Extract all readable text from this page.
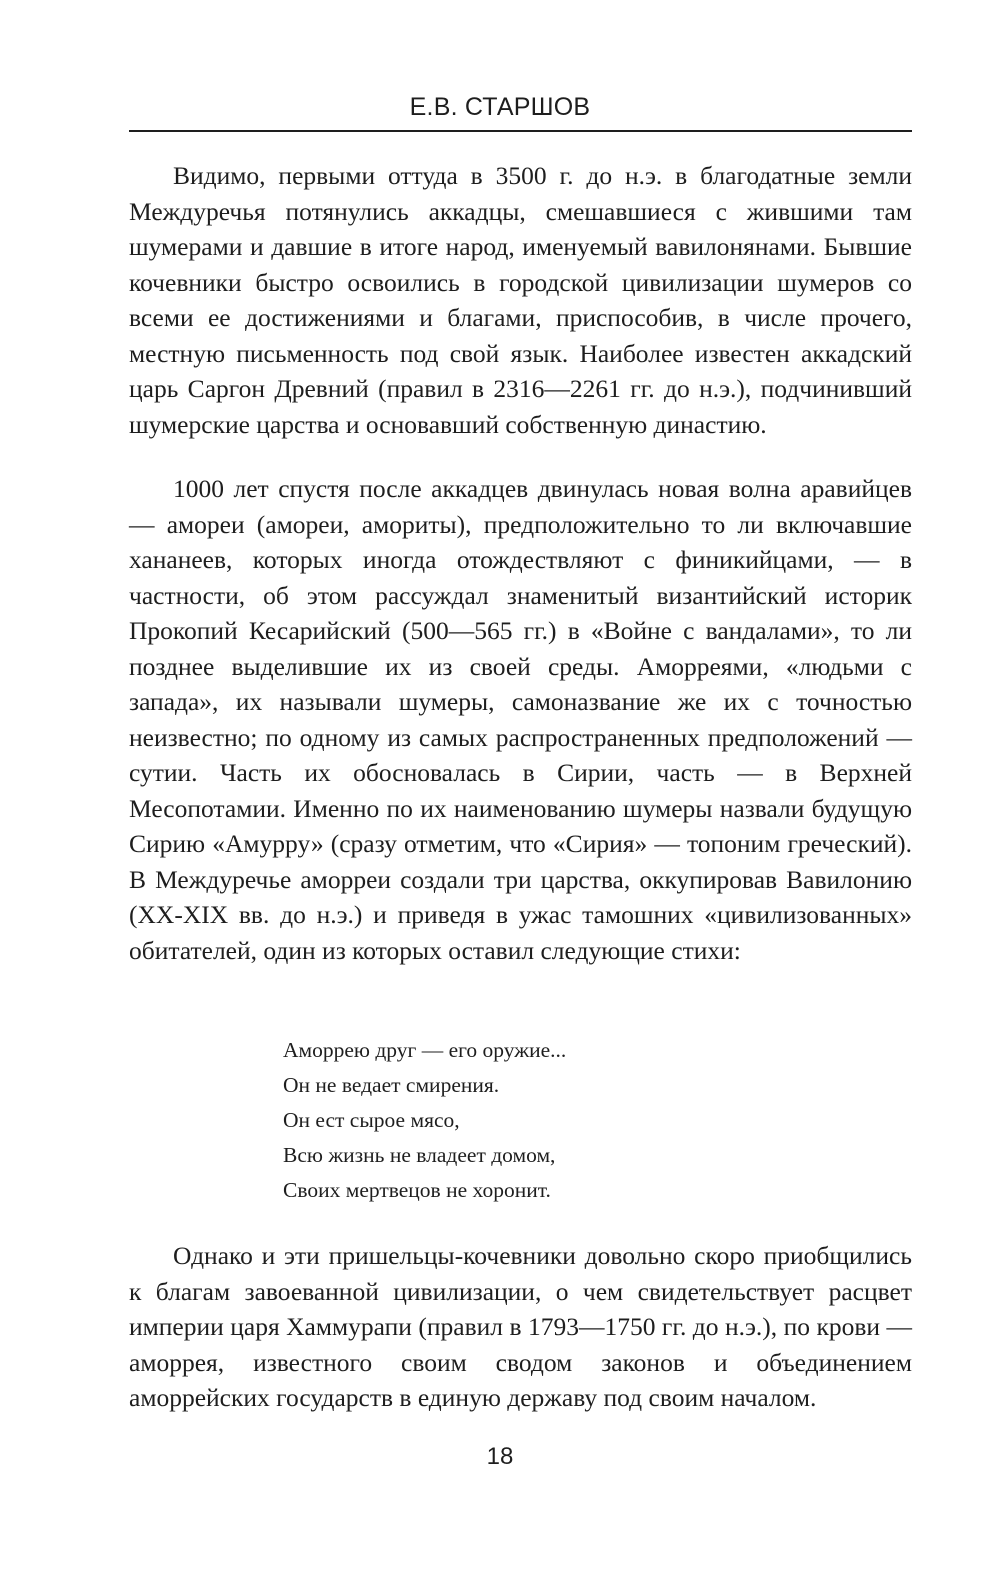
Е.В. СТАРШОВ

Видимо, первыми оттуда в 3500 г. до н.э. в благодатные земли Междуречья потянулись аккадцы, смешавшиеся с жившими там шумерами и давшие в итоге народ, именуемый вавилонянами. Бывшие кочевники быстро освоились в городской цивилизации шумеров со всеми ее достижениями и благами, приспособив, в числе прочего, местную письменность под свой язык. Наиболее известен аккадский царь Саргон Древний (правил в 2316—2261 гг. до н.э.), подчинивший шумерские царства и основавший собственную династию.

1000 лет спустя после аккадцев двинулась новая волна аравийцев — амореи (амореи, амориты), предположительно то ли включавшие хананеев, которых иногда отождествляют с финикийцами, — в частности, об этом рассуждал знаменитый византийский историк Прокопий Кесарийский (500—565 гг.) в «Войне с вандалами», то ли позднее выделившие их из своей среды. Аморреями, «людьми с запада», их называли шумеры, самоназвание же их с точностью неизвестно; по одному из самых распространенных предположений — сутии. Часть их обосновалась в Сирии, часть — в Верхней Месопотамии. Именно по их наименованию шумеры назвали будущую Сирию «Амурру» (сразу отметим, что «Сирия» — топоним греческий). В Междуречье аморреи создали три царства, оккупировав Вавилонию (XX-XIX вв. до н.э.) и приведя в ужас тамошних «цивилизованных» обитателей, один из которых оставил следующие стихи:

Аморрею друг — его оружие...
Он не ведает смирения.
Он ест сырое мясо,
Всю жизнь не владеет домом,
Своих мертвецов не хоронит.

Однако и эти пришельцы-кочевники довольно скоро приобщились к благам завоеванной цивилизации, о чем свидетельствует расцвет империи царя Хаммурапи (правил в 1793—1750 гг. до н.э.), по крови — аморрея, известного своим сводом законов и объединением аморрейских государств в единую державу под своим началом.

18
